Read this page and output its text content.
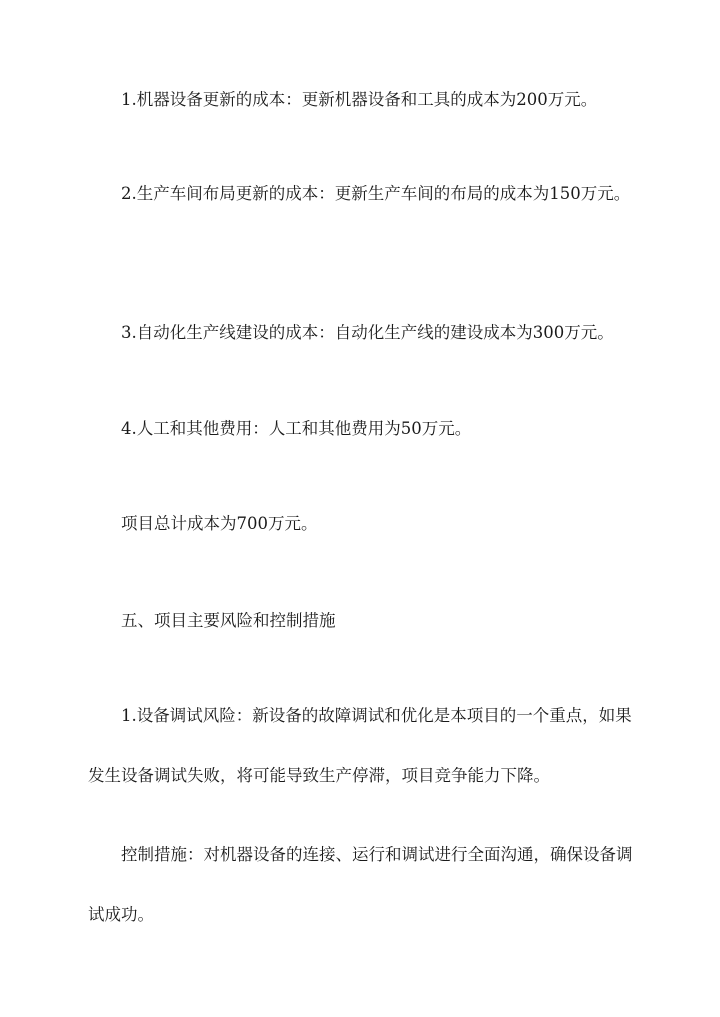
1.机器设备更新的成本：更新机器设备和工具的成本为200万元。

2.生产车间布局更新的成本：更新生产车间的布局的成本为150万元。

3.自动化生产线建设的成本：自动化生产线的建设成本为300万元。

4.人工和其他费用：人工和其他费用为50万元。

项目总计成本为700万元。

五、项目主要风险和控制措施

1.设备调试风险：新设备的故障调试和优化是本项目的一个重点，如果发生设备调试失败，将可能导致生产停滞，项目竞争能力下降。

控制措施：对机器设备的连接、运行和调试进行全面沟通，确保设备调试成功。
